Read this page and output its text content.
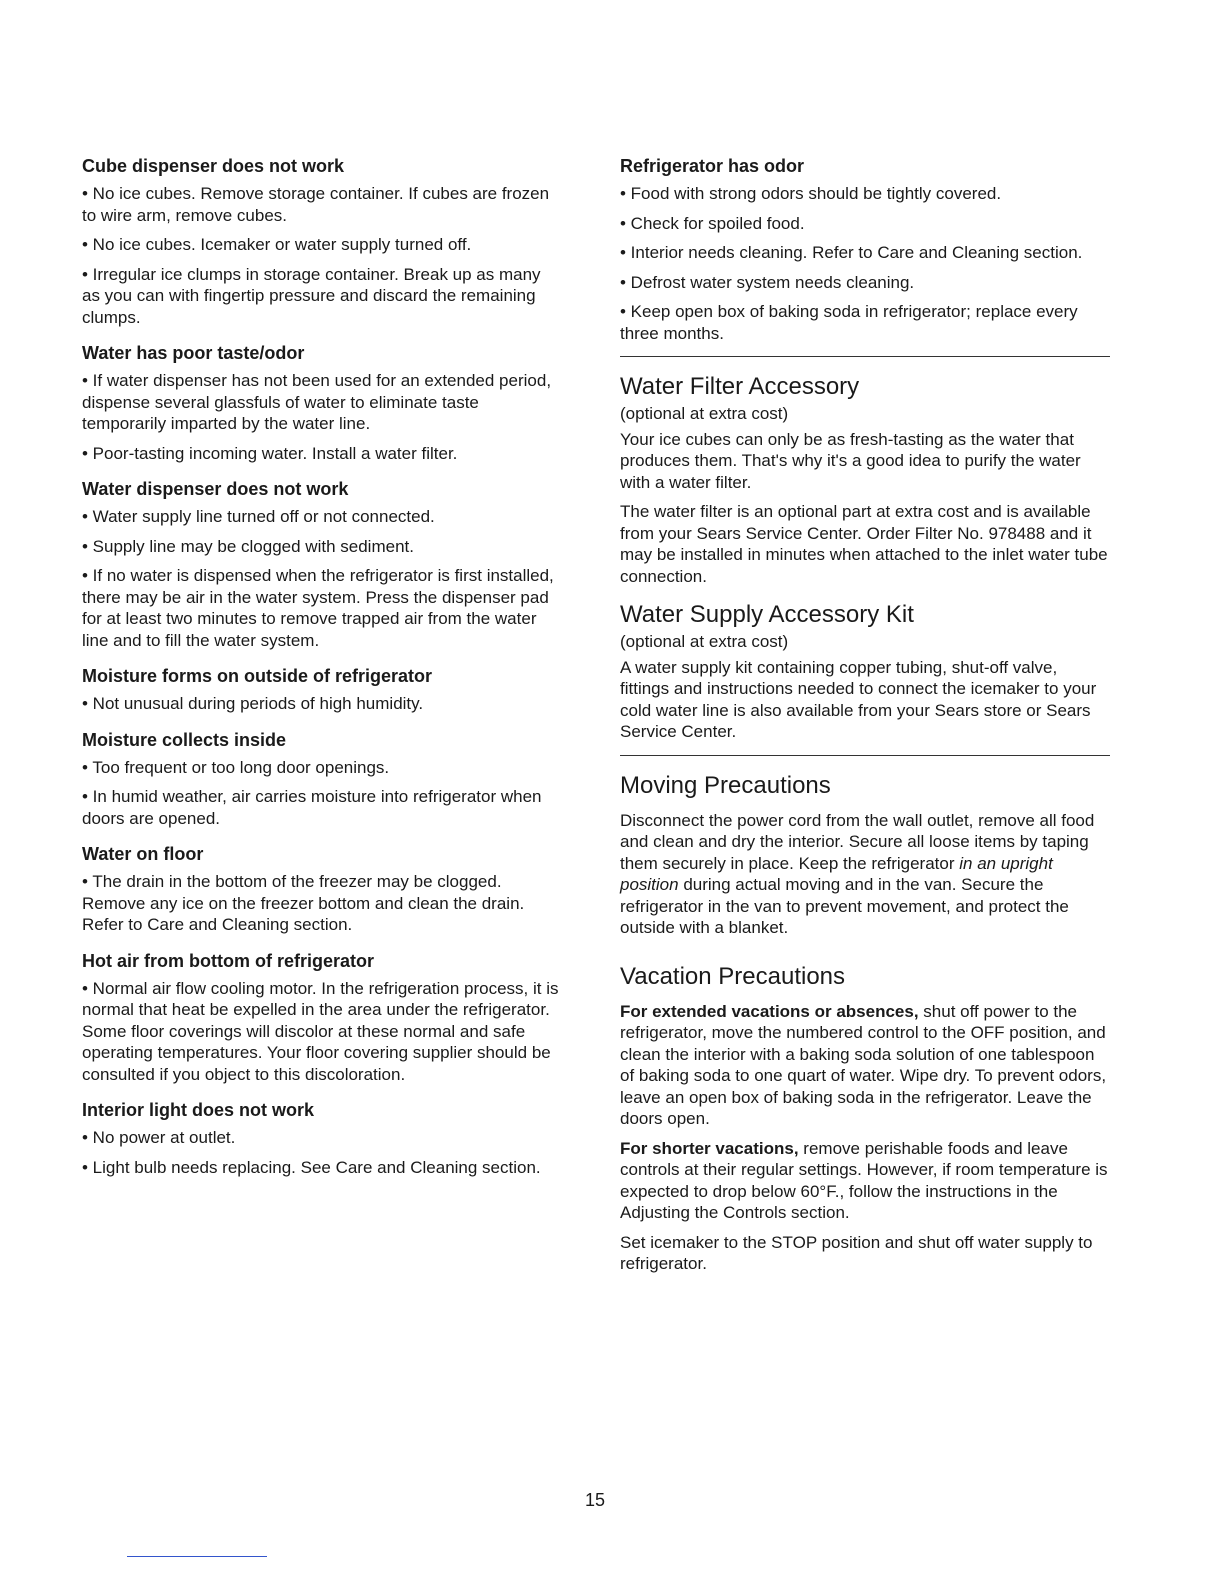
Cube dispenser does not work
• No ice cubes. Remove storage container. If cubes are frozen to wire arm, remove cubes.
• No ice cubes. Icemaker or water supply turned off.
• Irregular ice clumps in storage container. Break up as many as you can with fingertip pressure and discard the remaining clumps.
Water has poor taste/odor
• If water dispenser has not been used for an extended period, dispense several glassfuls of water to eliminate taste temporarily imparted by the water line.
• Poor-tasting incoming water. Install a water filter.
Water dispenser does not work
• Water supply line turned off or not connected.
• Supply line may be clogged with sediment.
• If no water is dispensed when the refrigerator is first installed, there may be air in the water system. Press the dispenser pad for at least two minutes to remove trapped air from the water line and to fill the water system.
Moisture forms on outside of refrigerator
• Not unusual during periods of high humidity.
Moisture collects inside
• Too frequent or too long door openings.
• In humid weather, air carries moisture into refrigerator when doors are opened.
Water on floor
• The drain in the bottom of the freezer may be clogged. Remove any ice on the freezer bottom and clean the drain. Refer to Care and Cleaning section.
Hot air from bottom of refrigerator
• Normal air flow cooling motor. In the refrigeration process, it is normal that heat be expelled in the area under the refrigerator. Some floor coverings will discolor at these normal and safe operating temperatures. Your floor covering supplier should be consulted if you object to this discoloration.
Interior light does not work
• No power at outlet.
• Light bulb needs replacing. See Care and Cleaning section.
Refrigerator has odor
• Food with strong odors should be tightly covered.
• Check for spoiled food.
• Interior needs cleaning. Refer to Care and Cleaning section.
• Defrost water system needs cleaning.
• Keep open box of baking soda in refrigerator; replace every three months.
Water Filter Accessory
(optional at extra cost)
Your ice cubes can only be as fresh-tasting as the water that produces them. That's why it's a good idea to purify the water with a water filter.
The water filter is an optional part at extra cost and is available from your Sears Service Center. Order Filter No. 978488 and it may be installed in minutes when attached to the inlet water tube connection.
Water Supply Accessory Kit
(optional at extra cost)
A water supply kit containing copper tubing, shut-off valve, fittings and instructions needed to connect the icemaker to your cold water line is also available from your Sears store or Sears Service Center.
Moving Precautions
Disconnect the power cord from the wall outlet, remove all food and clean and dry the interior. Secure all loose items by taping them securely in place. Keep the refrigerator in an upright position during actual moving and in the van. Secure the refrigerator in the van to prevent movement, and protect the outside with a blanket.
Vacation Precautions
For extended vacations or absences, shut off power to the refrigerator, move the numbered control to the OFF position, and clean the interior with a baking soda solution of one tablespoon of baking soda to one quart of water. Wipe dry. To prevent odors, leave an open box of baking soda in the refrigerator. Leave the doors open.
For shorter vacations, remove perishable foods and leave controls at their regular settings. However, if room temperature is expected to drop below 60°F., follow the instructions in the Adjusting the Controls section.
Set icemaker to the STOP position and shut off water supply to refrigerator.
15
